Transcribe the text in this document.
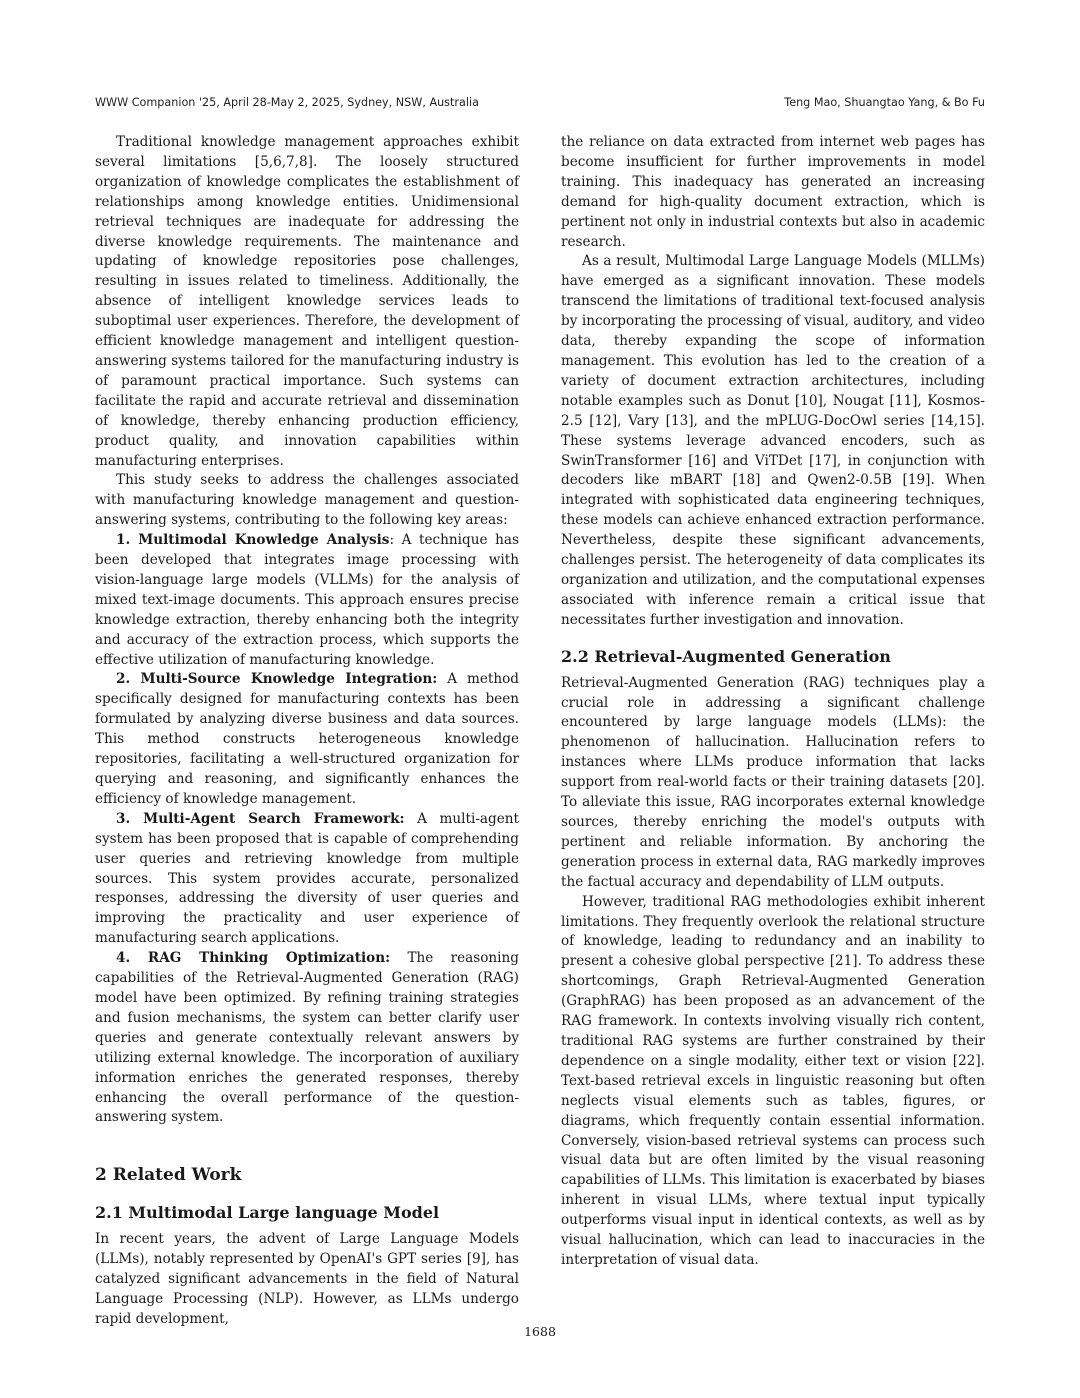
WWW Companion '25, April 28-May 2, 2025, Sydney, NSW, Australia	Teng Mao, Shuangtao Yang, & Bo Fu

Traditional knowledge management approaches exhibit several limitations [5,6,7,8]. The loosely structured organization of knowledge complicates the establishment of relationships among knowledge entities. Unidimensional retrieval techniques are inadequate for addressing the diverse knowledge requirements. The maintenance and updating of knowledge repositories pose challenges, resulting in issues related to timeliness. Additionally, the absence of intelligent knowledge services leads to suboptimal user experiences. Therefore, the development of efficient knowledge management and intelligent question-answering systems tailored for the manufacturing industry is of paramount practical importance. Such systems can facilitate the rapid and accurate retrieval and dissemination of knowledge, thereby enhancing production efficiency, product quality, and innovation capabilities within manufacturing enterprises.

This study seeks to address the challenges associated with manufacturing knowledge management and question-answering systems, contributing to the following key areas:

1. Multimodal Knowledge Analysis: A technique has been developed that integrates image processing with vision-language large models (VLLMs) for the analysis of mixed text-image documents. This approach ensures precise knowledge extraction, thereby enhancing both the integrity and accuracy of the extraction process, which supports the effective utilization of manufacturing knowledge.

2. Multi-Source Knowledge Integration: A method specifically designed for manufacturing contexts has been formulated by analyzing diverse business and data sources. This method constructs heterogeneous knowledge repositories, facilitating a well-structured organization for querying and reasoning, and significantly enhances the efficiency of knowledge management.

3. Multi-Agent Search Framework: A multi-agent system has been proposed that is capable of comprehending user queries and retrieving knowledge from multiple sources. This system provides accurate, personalized responses, addressing the diversity of user queries and improving the practicality and user experience of manufacturing search applications.

4. RAG Thinking Optimization: The reasoning capabilities of the Retrieval-Augmented Generation (RAG) model have been optimized. By refining training strategies and fusion mechanisms, the system can better clarify user queries and generate contextually relevant answers by utilizing external knowledge. The incorporation of auxiliary information enriches the generated responses, thereby enhancing the overall performance of the question-answering system.

2 Related Work
2.1 Multimodal Large language Model

In recent years, the advent of Large Language Models (LLMs), notably represented by OpenAI's GPT series [9], has catalyzed significant advancements in the field of Natural Language Processing (NLP). However, as LLMs undergo rapid development,

the reliance on data extracted from internet web pages has become insufficient for further improvements in model training. This inadequacy has generated an increasing demand for high-quality document extraction, which is pertinent not only in industrial contexts but also in academic research.

As a result, Multimodal Large Language Models (MLLMs) have emerged as a significant innovation. These models transcend the limitations of traditional text-focused analysis by incorporating the processing of visual, auditory, and video data, thereby expanding the scope of information management. This evolution has led to the creation of a variety of document extraction architectures, including notable examples such as Donut [10], Nougat [11], Kosmos-2.5 [12], Vary [13], and the mPLUG-DocOwl series [14,15]. These systems leverage advanced encoders, such as SwinTransformer [16] and ViTDet [17], in conjunction with decoders like mBART [18] and Qwen2-0.5B [19]. When integrated with sophisticated data engineering techniques, these models can achieve enhanced extraction performance. Nevertheless, despite these significant advancements, challenges persist. The heterogeneity of data complicates its organization and utilization, and the computational expenses associated with inference remain a critical issue that necessitates further investigation and innovation.

2.2 Retrieval-Augmented Generation

Retrieval-Augmented Generation (RAG) techniques play a crucial role in addressing a significant challenge encountered by large language models (LLMs): the phenomenon of hallucination. Hallucination refers to instances where LLMs produce information that lacks support from real-world facts or their training datasets [20]. To alleviate this issue, RAG incorporates external knowledge sources, thereby enriching the model's outputs with pertinent and reliable information. By anchoring the generation process in external data, RAG markedly improves the factual accuracy and dependability of LLM outputs.

However, traditional RAG methodologies exhibit inherent limitations. They frequently overlook the relational structure of knowledge, leading to redundancy and an inability to present a cohesive global perspective [21]. To address these shortcomings, Graph Retrieval-Augmented Generation (GraphRAG) has been proposed as an advancement of the RAG framework. In contexts involving visually rich content, traditional RAG systems are further constrained by their dependence on a single modality, either text or vision [22]. Text-based retrieval excels in linguistic reasoning but often neglects visual elements such as tables, figures, or diagrams, which frequently contain essential information. Conversely, vision-based retrieval systems can process such visual data but are often limited by the visual reasoning capabilities of LLMs. This limitation is exacerbated by biases inherent in visual LLMs, where textual input typically outperforms visual input in identical contexts, as well as by visual hallucination, which can lead to inaccuracies in the interpretation of visual data.

1688
